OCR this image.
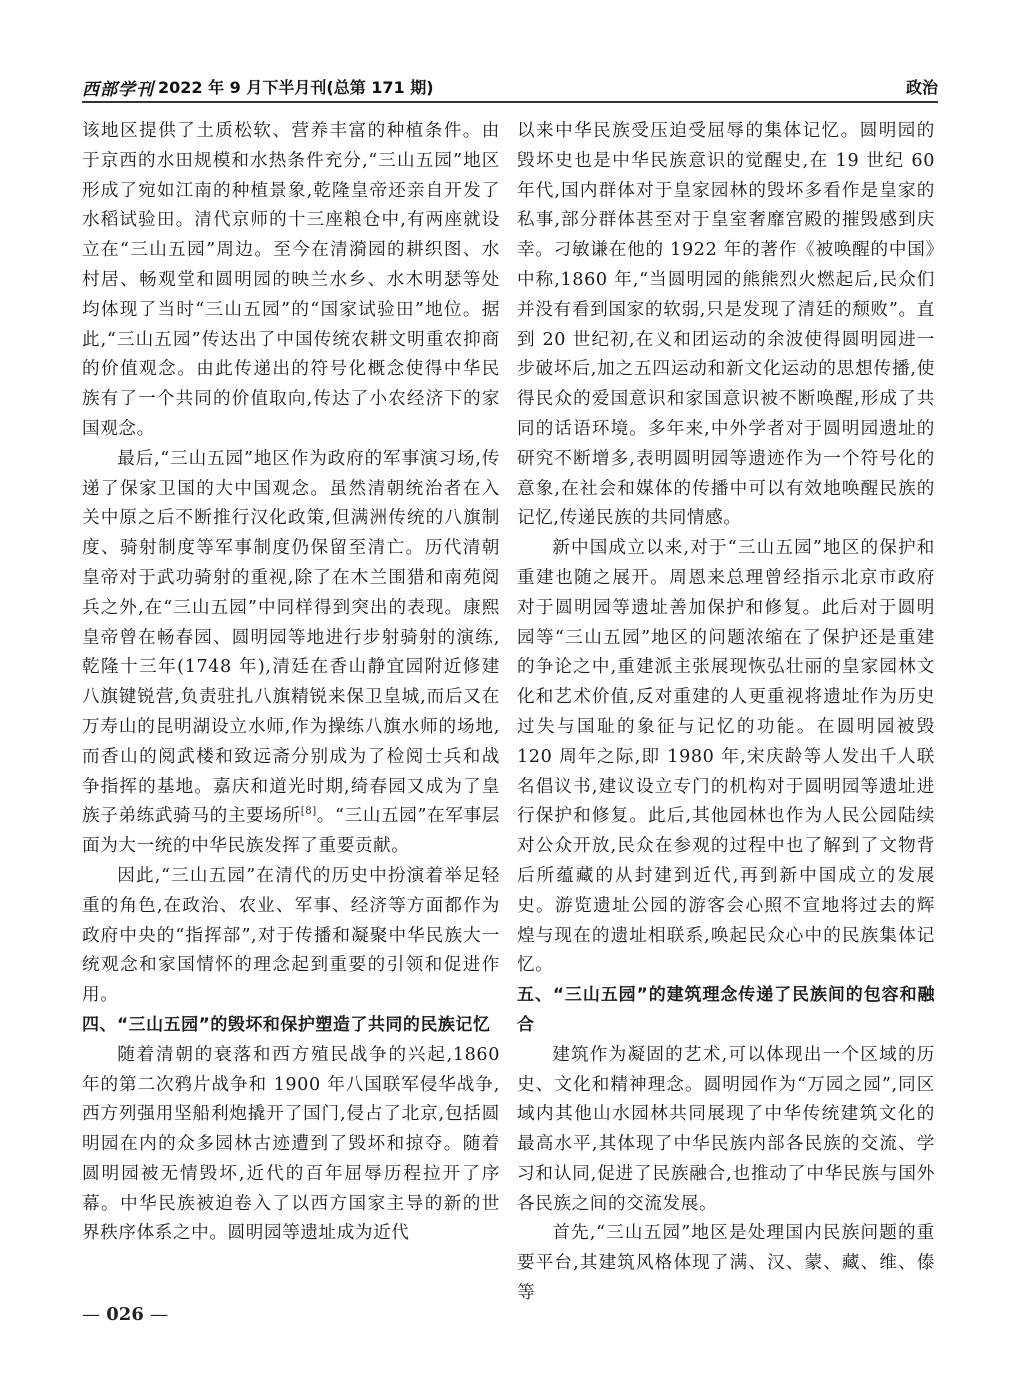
西部学刊 2022 年 9 月下半月刊(总第 171 期)	政治

该地区提供了土质松软、营养丰富的种植条件。由于京西的水田规模和水热条件充分,“三山五园”地区形成了宛如江南的种植景象,乾隆皇帝还亲自开发了水稻试验田。清代京师的十三座粮仓中,有两座就设立在“三山五园”周边。至今在清漪园的耕织图、水村居、畅观堂和圆明园的映兰水乡、水木明瑟等处均体现了当时“三山五园”的“国家试验田”地位。据此,“三山五园”传达出了中国传统农耕文明重农抑商的价值观念。由此传递出的符号化概念使得中华民族有了一个共同的价值取向,传达了小农经济下的家国观念。

最后,“三山五园”地区作为政府的军事演习场,传递了保家卫国的大中国观念。虽然清朝统治者在入关中原之后不断推行汉化政策,但满洲传统的八旗制度、骑射制度等军事制度仍保留至清亡。历代清朝皇帝对于武功骑射的重视,除了在木兰围猎和南苑阅兵之外,在“三山五园”中同样得到突出的表现。康熙皇帝曾在畅春园、圆明园等地进行步射骑射的演练,乾隆十三年(1748 年),清廷在香山静宜园附近修建八旗键锐营,负责驻扎八旗精锐来保卫皇城,而后又在万寿山的昆明湖设立水师,作为操练八旗水师的场地,而香山的阅武楼和致远斋分别成为了检阅士兵和战争指挥的基地。嘉庆和道光时期,绮春园又成为了皇族子弟练武骑马的主要场所[8]。“三山五园”在军事层面为大一统的中华民族发挥了重要贡献。

因此,“三山五园”在清代的历史中扮演着举足轻重的角色,在政治、农业、军事、经济等方面都作为政府中央的“指挥部”,对于传播和凝聚中华民族大一统观念和家国情怀的理念起到重要的引领和促进作用。

四、“三山五园”的毁坏和保护塑造了共同的民族记忆

随着清朝的衰落和西方殖民战争的兴起,1860 年的第二次鸦片战争和 1900 年八国联军侵华战争,西方列强用坚船利炮撬开了国门,侵占了北京,包括圆明园在内的众多园林古迹遭到了毁坏和掠夺。随着圆明园被无情毁坏,近代的百年屈辱历程拉开了序幕。中华民族被迫卷入了以西方国家主导的新的世界秩序体系之中。圆明园等遗址成为近代

以来中华民族受压迫受屈辱的集体记忆。圆明园的毁坏史也是中华民族意识的觉醒史,在 19 世纪 60 年代,国内群体对于皇家园林的毁坏多看作是皇家的私事,部分群体甚至对于皇室奢靡宫殿的摧毁感到庆幸。刁敏谦在他的 1922 年的著作《被唤醒的中国》中称,1860 年,“当圆明园的熊熊烈火燃起后,民众们并没有看到国家的软弱,只是发现了清廷的颓败”。直到 20 世纪初,在义和团运动的余波使得圆明园进一步破坏后,加之五四运动和新文化运动的思想传播,使得民众的爱国意识和家国意识被不断唤醒,形成了共同的话语环境。多年来,中外学者对于圆明园遗址的研究不断增多,表明圆明园等遗迹作为一个符号化的意象,在社会和媒体的传播中可以有效地唤醒民族的记忆,传递民族的共同情感。

新中国成立以来,对于“三山五园”地区的保护和重建也随之展开。周恩来总理曾经指示北京市政府对于圆明园等遗址善加保护和修复。此后对于圆明园等“三山五园”地区的问题浓缩在了保护还是重建的争论之中,重建派主张展现恢弘壮丽的皇家园林文化和艺术价值,反对重建的人更重视将遗址作为历史过失与国耻的象征与记忆的功能。在圆明园被毁 120 周年之际,即 1980 年,宋庆龄等人发出千人联名倡议书,建议设立专门的机构对于圆明园等遗址进行保护和修复。此后,其他园林也作为人民公园陆续对公众开放,民众在参观的过程中也了解到了文物背后所蕴藏的从封建到近代,再到新中国成立的发展史。游览遗址公园的游客会心照不宣地将过去的辉煌与现在的遗址相联系,唤起民众心中的民族集体记忆。

五、“三山五园”的建筑理念传递了民族间的包容和融合

建筑作为凝固的艺术,可以体现出一个区域的历史、文化和精神理念。圆明园作为“万园之园”,同区域内其他山水园林共同展现了中华传统建筑文化的最高水平,其体现了中华民族内部各民族的交流、学习和认同,促进了民族融合,也推动了中华民族与国外各民族之间的交流发展。

首先,“三山五园”地区是处理国内民族问题的重要平台,其建筑风格体现了满、汉、蒙、藏、维、傣等

— 026 —
